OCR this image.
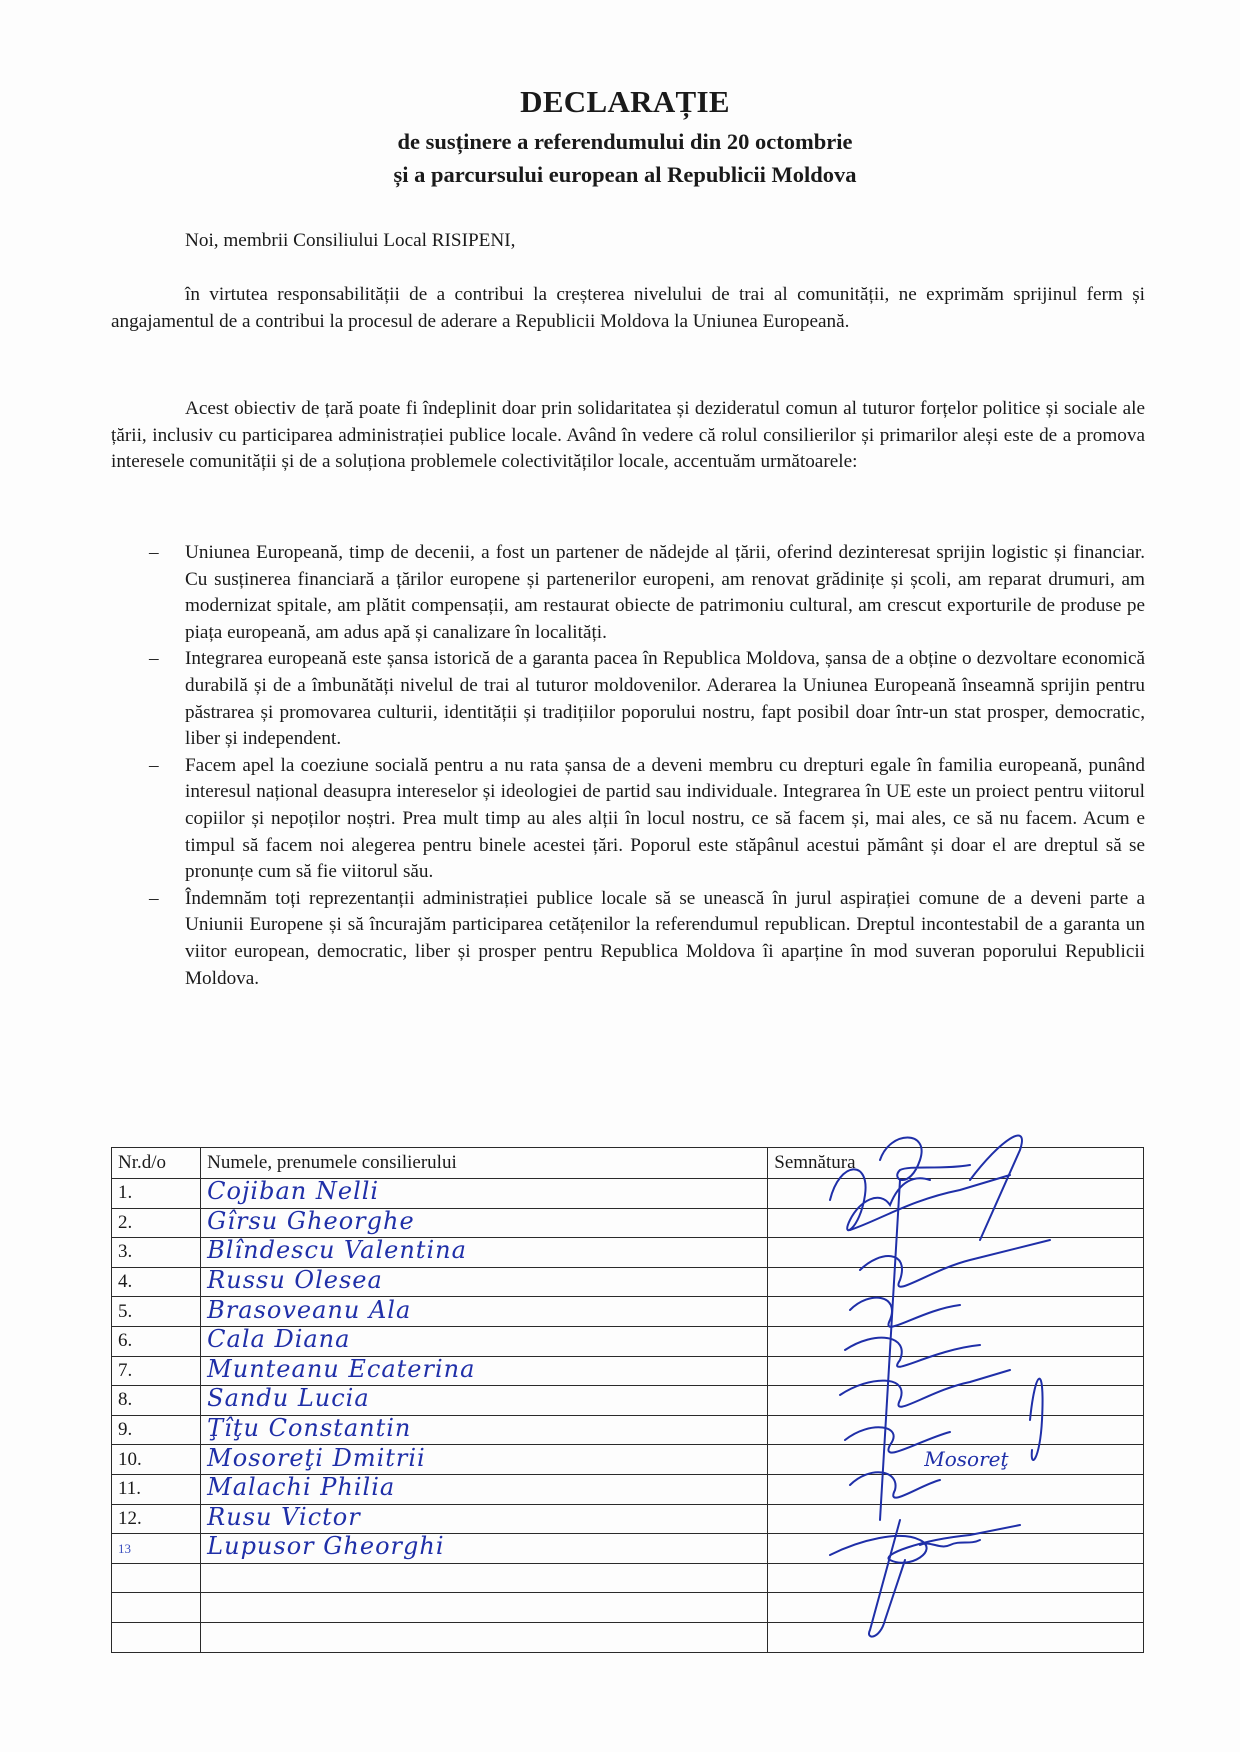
DECLARAȚIE
de susținere a referendumului din 20 octombrie
și a parcursului european al Republicii Moldova
Noi, membrii Consiliului Local RISIPENI,
în virtutea responsabilității de a contribui la creșterea nivelului de trai al comunității, ne exprimăm sprijinul ferm și angajamentul de a contribui la procesul de aderare a Republicii Moldova la Uniunea Europeană.
Acest obiectiv de țară poate fi îndeplinit doar prin solidaritatea și dezideratul comun al tuturor forțelor politice și sociale ale țării, inclusiv cu participarea administrației publice locale. Având în vedere că rolul consilierilor și primarilor aleși este de a promova interesele comunității și de a soluționa problemele colectivităților locale, accentuăm următoarele:
– Uniunea Europeană, timp de decenii, a fost un partener de nădejde al țării, oferind dezinteresat sprijin logistic și financiar. Cu susținerea financiară a țărilor europene și partenerilor europeni, am renovat grădinițe și școli, am reparat drumuri, am modernizat spitale, am plătit compensații, am restaurat obiecte de patrimoniu cultural, am crescut exporturile de produse pe piața europeană, am adus apă și canalizare în localități.
– Integrarea europeană este șansa istorică de a garanta pacea în Republica Moldova, șansa de a obține o dezvoltare economică durabilă și de a îmbunătăți nivelul de trai al tuturor moldovenilor. Aderarea la Uniunea Europeană înseamnă sprijin pentru păstrarea și promovarea culturii, identității și tradițiilor poporului nostru, fapt posibil doar într-un stat prosper, democratic, liber și independent.
– Facem apel la coeziune socială pentru a nu rata șansa de a deveni membru cu drepturi egale în familia europeană, punând interesul național deasupra intereselor și ideologiei de partid sau individuale. Integrarea în UE este un proiect pentru viitorul copiilor și nepoților noștri. Prea mult timp au ales alții în locul nostru, ce să facem și, mai ales, ce să nu facem. Acum e timpul să facem noi alegerea pentru binele acestei țări. Poporul este stăpânul acestui pământ și doar el are dreptul să se pronunțe cum să fie viitorul său.
– Îndemnăm toți reprezentanții administrației publice locale să se unească în jurul aspirației comune de a deveni parte a Uniunii Europene și să încurajăm participarea cetățenilor la referendumul republican. Dreptul incontestabil de a garanta un viitor european, democratic, liber și prosper pentru Republica Moldova îi aparține în mod suveran poporului Republicii Moldova.
Nr.d/o	Numele, prenumele consilierului	Semnătura
1.	Cojiban Nelli	
2.	Gîrsu Gheorghe	
3.	Blîndescu Valentina	
4.	Russu Olesea	
5.	Brasoveanu Ala	
6.	Cala Diana	
7.	Munteanu Ecaterina	
8.	Sandu Lucia	
9.	Ţîţu Constantin	
10.	Mosoreţi Dmitrii	Mosoreţ
11.	Malachi Philia	
12.	Rusu Victor	
13	Lupusor Gheorghi	
